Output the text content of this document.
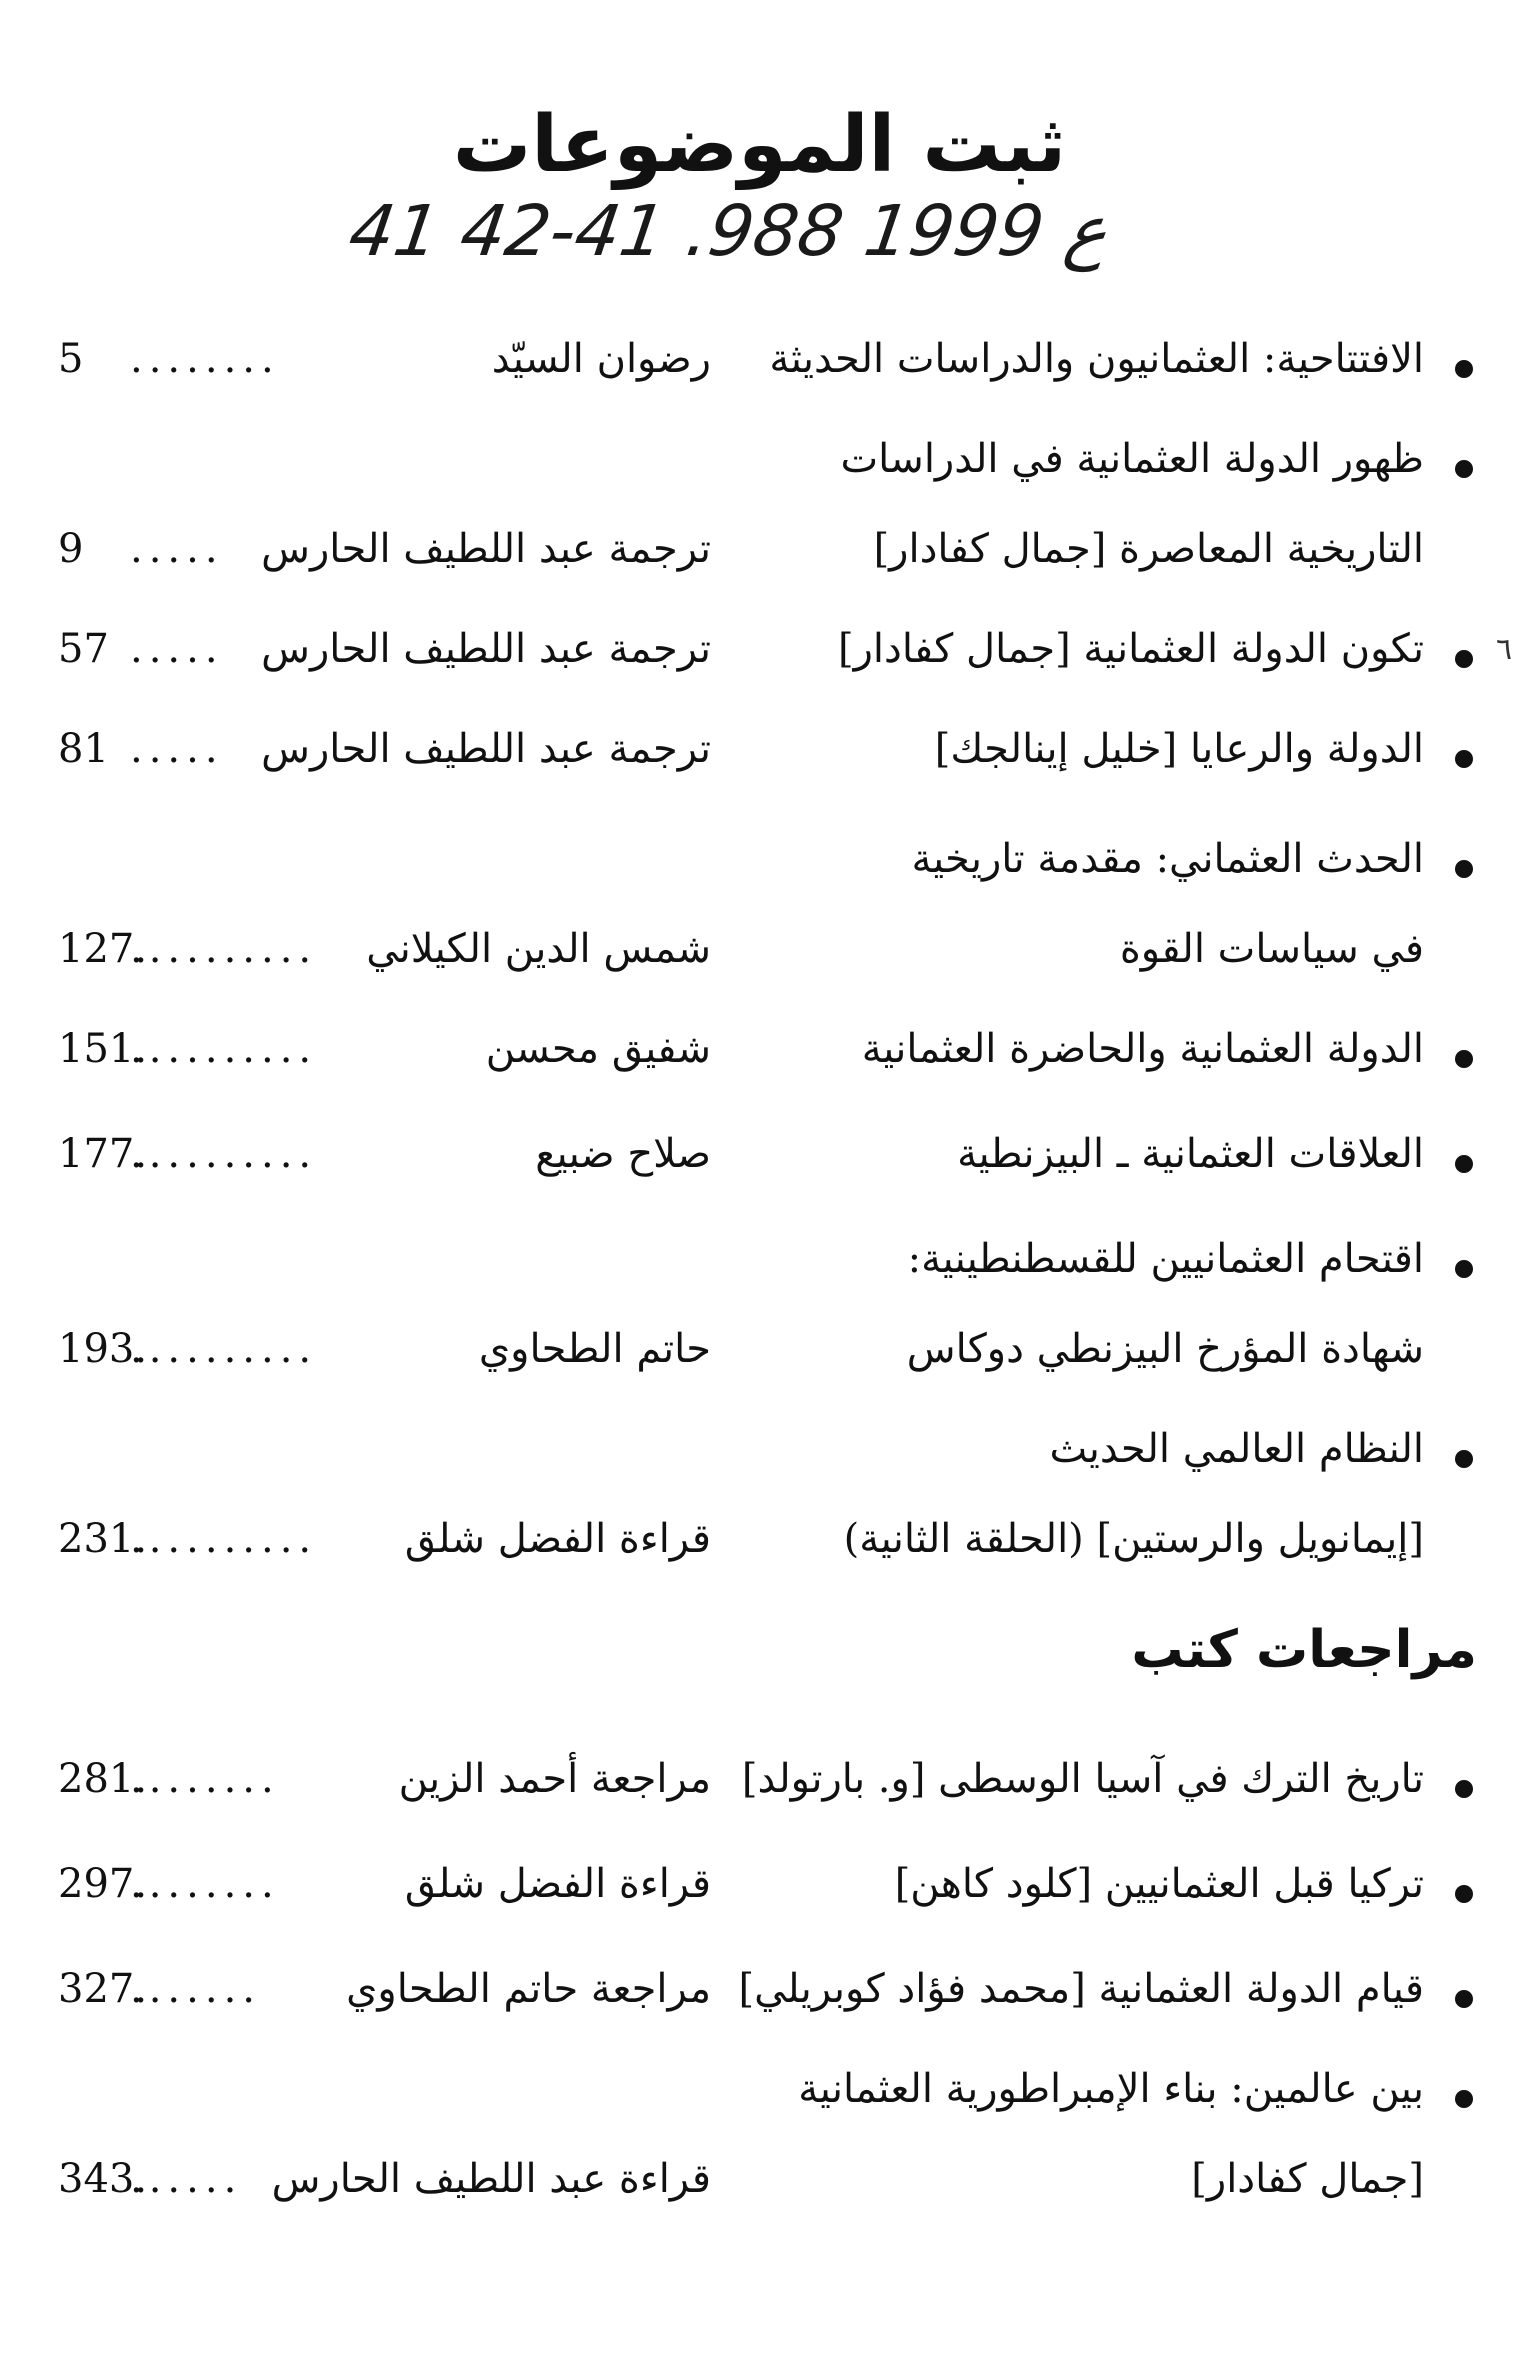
ثبت الموضوعات
41 42-41 .ع 1999 988
٦
الافتتاحية: العثمانيون والدراسات الحديثة
رضوان السيّد
........
5
ظهور الدولة العثمانية في الدراسات
التاريخية المعاصرة [جمال كفادار]
ترجمة عبد اللطيف الحارس
.....
9
تكون الدولة العثمانية [جمال كفادار]
ترجمة عبد اللطيف الحارس
.....
57
الدولة والرعايا [خليل إينالجك]
ترجمة عبد اللطيف الحارس
.....
81
الحدث العثماني: مقدمة تاريخية
في سياسات القوة
شمس الدين الكيلاني
..........
127.
الدولة العثمانية والحاضرة العثمانية
شفيق محسن
..........
151.
العلاقات العثمانية ـ البيزنطية
صلاح ضبيع
..........
177.
اقتحام العثمانيين للقسطنطينية:
شهادة المؤرخ البيزنطي دوكاس
حاتم الطحاوي
..........
193.
النظام العالمي الحديث
[إيمانويل والرستين] (الحلقة الثانية)
قراءة الفضل شلق
..........
231.
مراجعات كتب
تاريخ الترك في آسيا الوسطى [و. بارتولد]
مراجعة أحمد الزين
........
281.
تركيا قبل العثمانيين [كلود كاهن]
قراءة الفضل شلق
........
297.
قيام الدولة العثمانية [محمد فؤاد كوبريلي]
مراجعة حاتم الطحاوي
.......
327.
بين عالمين: بناء الإمبراطورية العثمانية
[جمال كفادار]
قراءة عبد اللطيف الحارس
......
343.
